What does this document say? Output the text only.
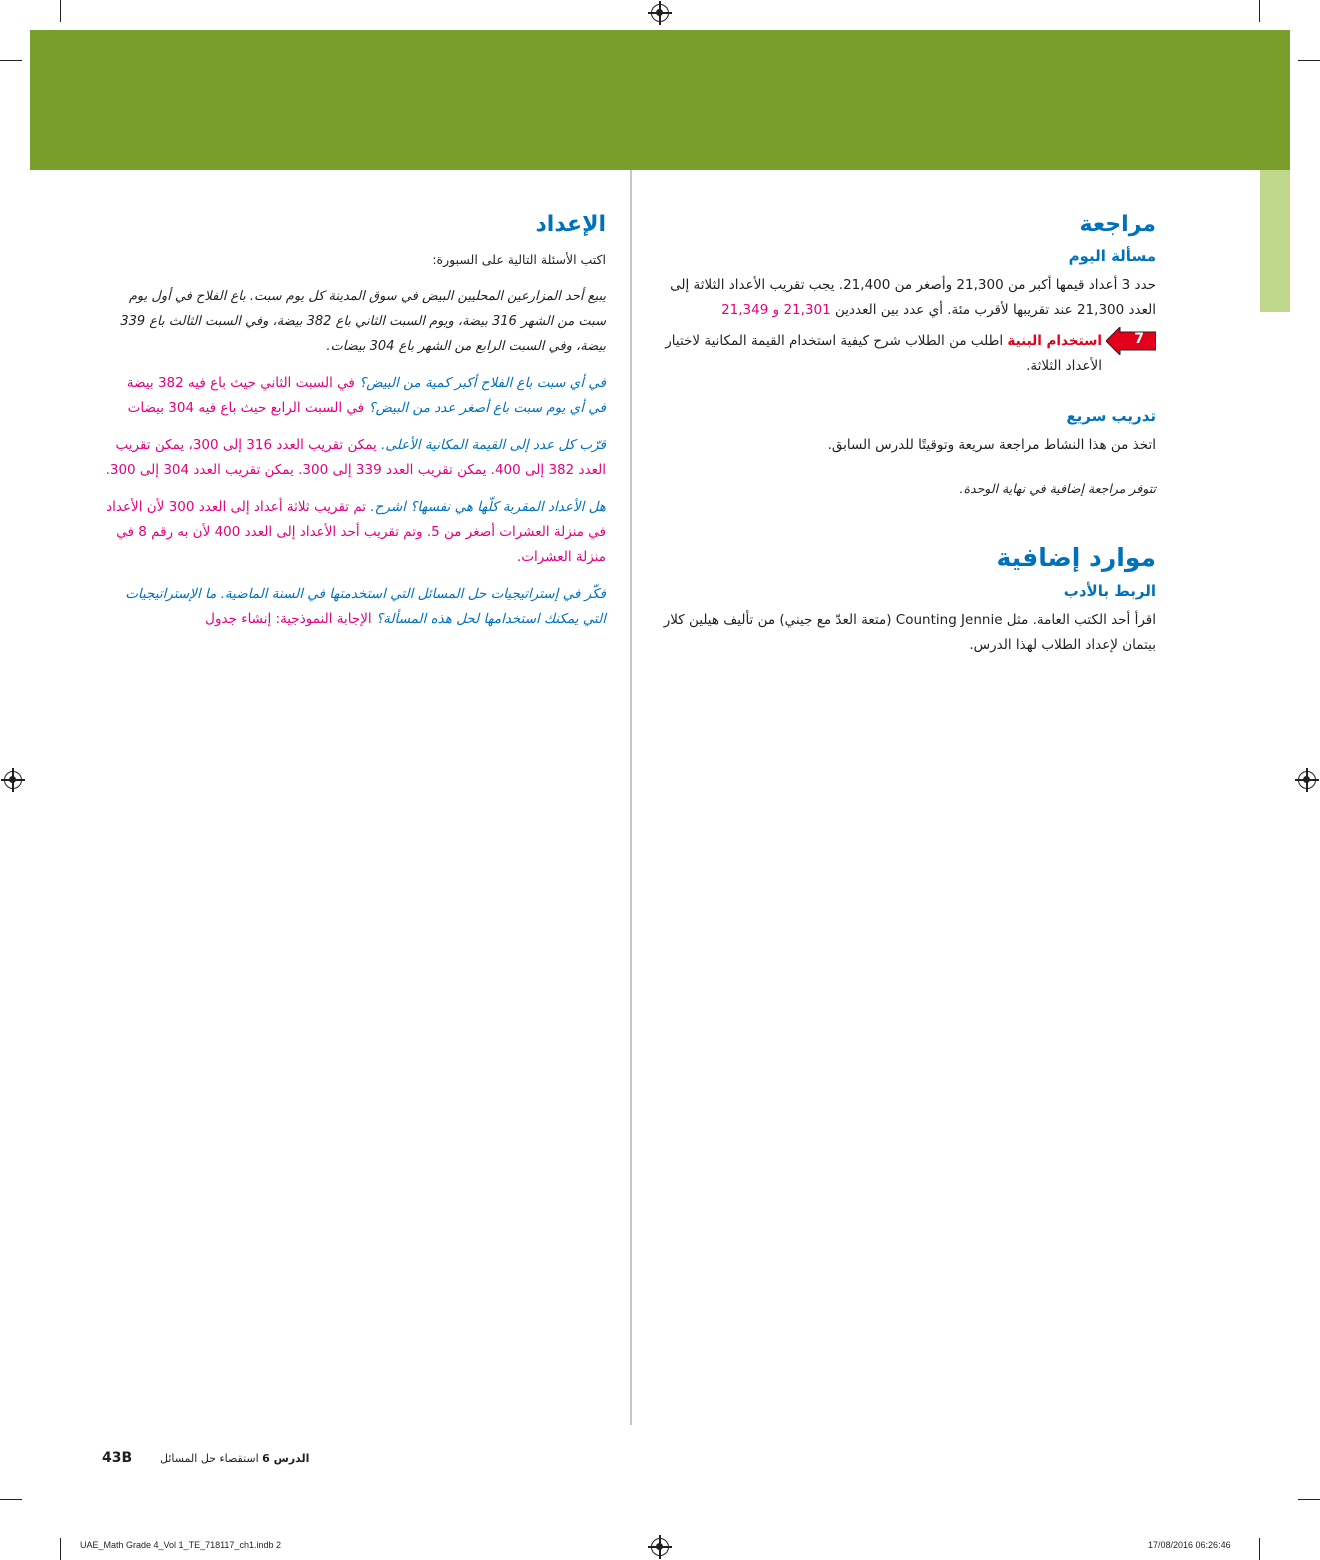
مراجعة
مسألة اليوم

حدد 3 أعداد قيمها أكبر من 21,300 وأصغر من 21,400. يجب تقريب الأعداد الثلاثة إلى العدد 21,300 عند تقريبها لأقرب مئة. أي عدد بين العددين 21,301 و 21,349

7

استخدام البنية اطلب من الطلاب شرح كيفية استخدام القيمة المكانية لاختيار الأعداد الثلاثة.

تدريب سريع

اتخذ من هذا النشاط مراجعة سريعة وتوقيتًا للدرس السابق.

تتوفر مراجعة إضافية في نهاية الوحدة.

موارد إضافية
الربط بالأدب

اقرأ أحد الكتب العامة. مثل Counting Jennie (متعة العدّ مع جيني) من تأليف هيلين كلار بيتمان لإعداد الطلاب لهذا الدرس.

الإعداد

اكتب الأسئلة التالية على السبورة:

يبيع أحد المزارعين المحليين البيض في سوق المدينة كل يوم سبت. باع الفلاح في أول يوم سبت من الشهر 316 بيضة، ويوم السبت الثاني باع 382 بيضة، وفي السبت الثالث باع 339 بيضة، وفي السبت الرابع من الشهر باع 304 بيضات.

في أي سبت باع الفلاح أكبر كمية من البيض؟ في السبت الثاني حيث باع فيه 382 بيضة

في أي يوم سبت باع أصغر عدد من البيض؟ في السبت الرابع حيث باع فيه 304 بيضات

قرّب كل عدد إلى القيمة المكانية الأعلى. يمكن تقريب العدد 316 إلى 300، يمكن تقريب العدد 382 إلى 400. يمكن تقريب العدد 339 إلى 300. يمكن تقريب العدد 304 إلى 300.

هل الأعداد المقربة كلّها هي نفسها؟ اشرح. تم تقريب ثلاثة أعداد إلى العدد 300 لأن الأعداد في منزلة العشرات أصغر من 5. وتم تقريب أحد الأعداد إلى العدد 400 لأن به رقم 8 في منزلة العشرات.

فكّر في إستراتيجيات حل المسائل التي استخدمتها في السنة الماضية. ما الإستراتيجيات التي يمكنك استخدامها لحل هذه المسألة؟ الإجابة النموذجية: إنشاء جدول

43B	الدرس 6 استقصاء حل المسائل
UAE_Math Grade 4_Vol 1_TE_718117_ch1.indb 2	17/08/2016 06:26:46
